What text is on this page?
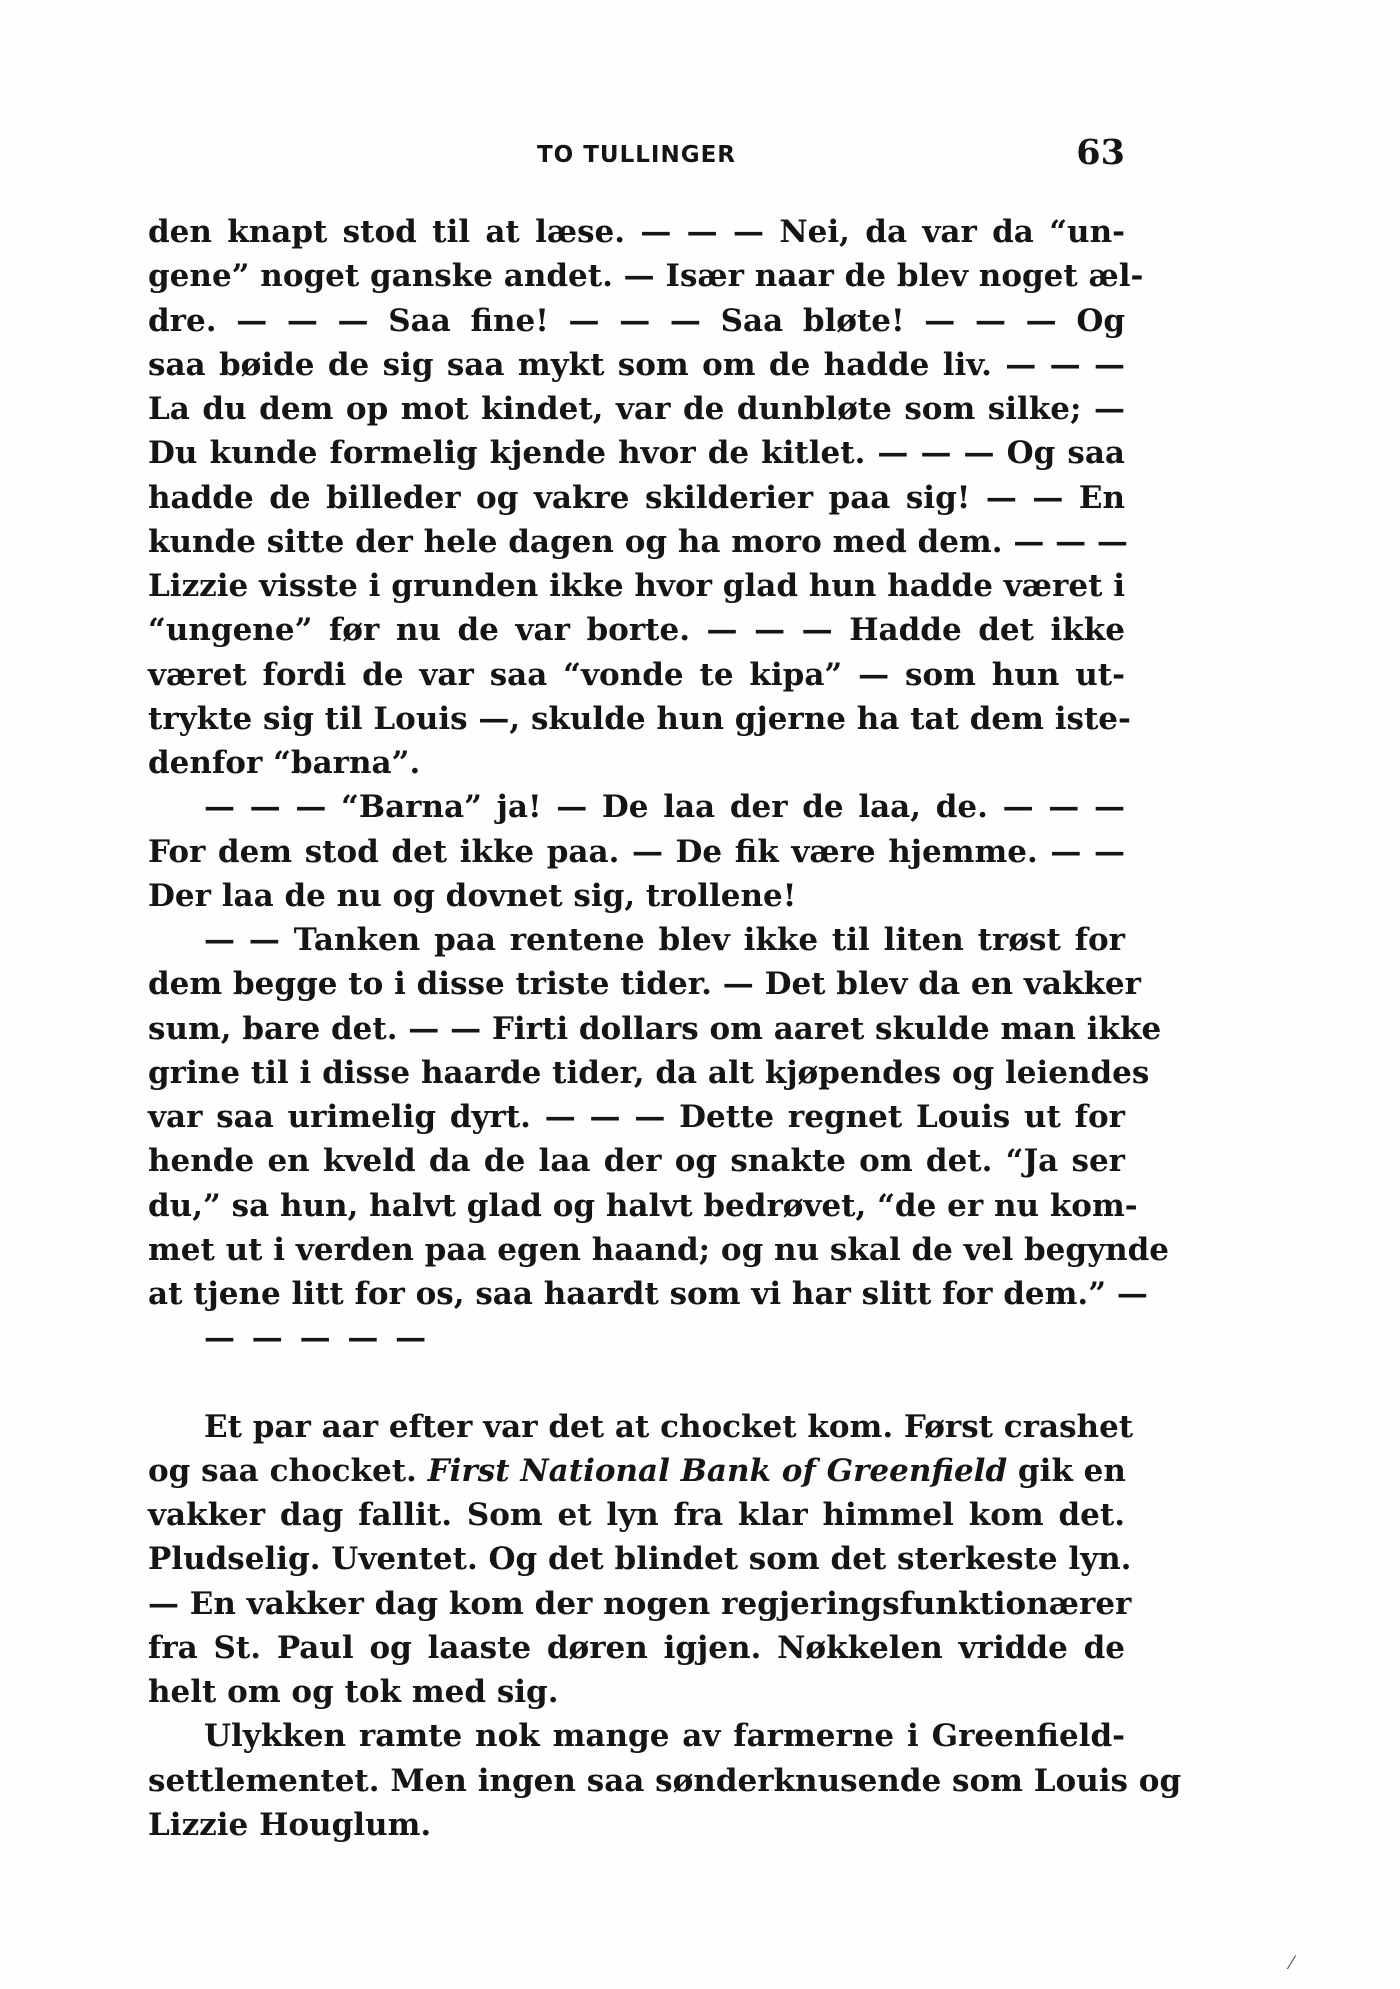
TO TULLINGER	63
den knapt stod til at læse. — — — Nei, da var da “un-
gene” noget ganske andet. — Især naar de blev noget æl-
dre. — — — Saa fine! — — — Saa bløte! — — — Og
saa bøide de sig saa mykt som om de hadde liv. — — —
La du dem op mot kindet, var de dunbløte som silke; —
Du kunde formelig kjende hvor de kitlet. — — — Og saa
hadde de billeder og vakre skilderier paa sig! — — En
kunde sitte der hele dagen og ha moro med dem. — — —
Lizzie visste i grunden ikke hvor glad hun hadde været i
“ungene” før nu de var borte. — — — Hadde det ikke
været fordi de var saa “vonde te kipa” — som hun ut-
trykte sig til Louis —, skulde hun gjerne ha tat dem iste-
denfor “barna”.
— — — “Barna” ja! — De laa der de laa, de. — — —
For dem stod det ikke paa. — De fik være hjemme. — —
Der laa de nu og dovnet sig, trollene!
— — Tanken paa rentene blev ikke til liten trøst for
dem begge to i disse triste tider. — Det blev da en vakker
sum, bare det. — — Firti dollars om aaret skulde man ikke
grine til i disse haarde tider, da alt kjøpendes og leiendes
var saa urimelig dyrt. — — — Dette regnet Louis ut for
hende en kveld da de laa der og snakte om det. “Ja ser
du,” sa hun, halvt glad og halvt bedrøvet, “de er nu kom-
met ut i verden paa egen haand; og nu skal de vel begynde
at tjene litt for os, saa haardt som vi har slitt for dem.” —
— — — — —
Et par aar efter var det at chocket kom. Først crashet
og saa chocket. First National Bank of Greenfield gik en
vakker dag fallit. Som et lyn fra klar himmel kom det.
Pludselig. Uventet. Og det blindet som det sterkeste lyn.
— En vakker dag kom der nogen regjeringsfunktionærer
fra St. Paul og laaste døren igjen. Nøkkelen vridde de
helt om og tok med sig.
Ulykken ramte nok mange av farmerne i Greenfield-
settlementet. Men ingen saa sønderknusende som Louis og
Lizzie Houglum.
⁄
